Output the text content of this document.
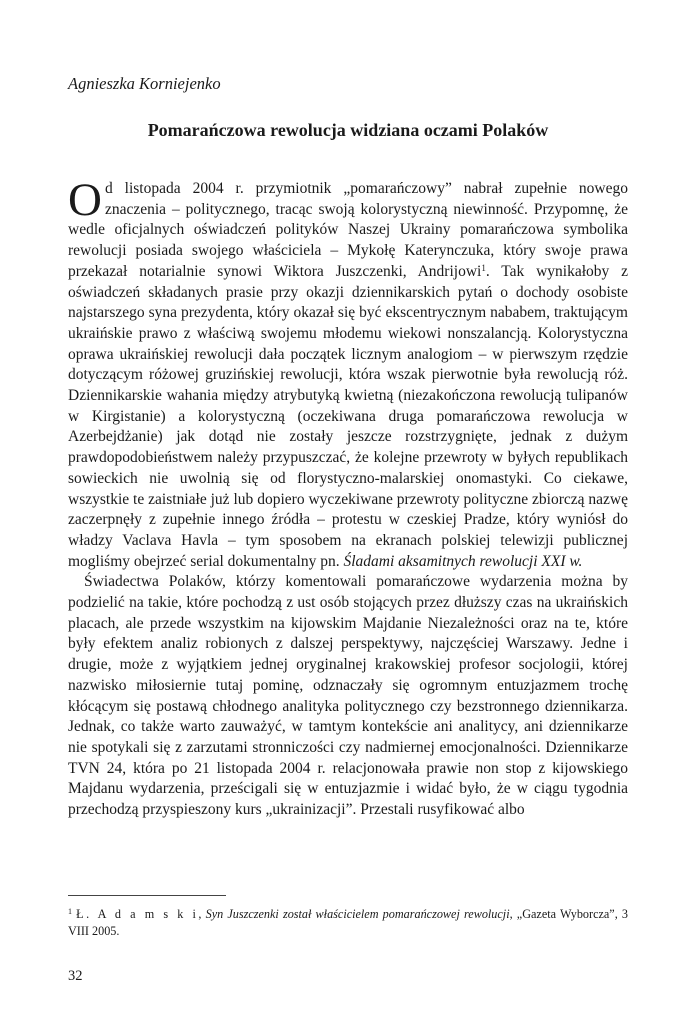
Agnieszka Korniejenko
Pomarańczowa rewolucja widziana oczami Polaków

Od listopada 2004 r. przymiotnik „pomarańczowy” nabrał zupełnie nowego znaczenia – politycznego, tracąc swoją kolorystyczną niewinność. Przypomnę, że wedle oficjalnych oświadczeń polityków Naszej Ukrainy pomarańczowa symbolika rewolucji posiada swojego właściciela – Mykołę Katerynczuka, który swoje prawa przekazał notarialnie synowi Wiktora Juszczenki, Andrijowi$^1$. Tak wynikałoby z oświadczeń składanych prasie przy okazji dziennikarskich pytań o dochody osobiste najstarszego syna prezydenta, który okazał się być ekscentrycznym nababem, traktującym ukraińskie prawo z właściwą swojemu młodemu wiekowi nonszalancją. Kolorystyczna oprawa ukraińskiej rewolucji dała początek licznym analogiom – w pierwszym rzędzie dotyczącym różowej gruzińskiej rewolucji, która wszak pierwotnie była rewolucją róż. Dziennikarskie wahania między atrybutyką kwietną (niezakończona rewolucją tulipanów w Kirgistanie) a kolorystyczną (oczekiwana druga pomarańczowa rewolucja w Azerbejdżanie) jak dotąd nie zostały jeszcze rozstrzygnięte, jednak z dużym prawdopodobieństwem należy przypuszczać, że kolejne przewroty w byłych republikach sowieckich nie uwolnią się od florystyczno-malarskiej onomastyki. Co ciekawe, wszystkie te zaistniałe już lub dopiero wyczekiwane przewroty polityczne zbiorczą nazwę zaczerpnęły z zupełnie innego źródła – protestu w czeskiej Pradze, który wyniósł do władzy Vaclava Havla – tym sposobem na ekranach polskiej telewizji publicznej mogliśmy obejrzeć serial dokumentalny pn. Śladami aksamitnych rewolucji XXI w.

Świadectwa Polaków, którzy komentowali pomarańczowe wydarzenia można by podzielić na takie, które pochodzą z ust osób stojących przez dłuższy czas na ukraińskich placach, ale przede wszystkim na kijowskim Majdanie Niezależności oraz na te, które były efektem analiz robionych z dalszej perspektywy, najczęściej Warszawy. Jedne i drugie, może z wyjątkiem jednej oryginalnej krakowskiej profesor socjologii, której nazwisko miłosiernie tutaj pominę, odznaczały się ogromnym entuzjazmem trochę kłócącym się postawą chłodnego analityka politycznego czy bezstronnego dziennikarza. Jednak, co także warto zauważyć, w tamtym kontekście ani analitycy, ani dziennikarze nie spotykali się z zarzutami stronniczości czy nadmiernej emocjonalności. Dziennikarze TVN 24, która po 21 listopada 2004 r. relacjonowała prawie non stop z kijowskiego Majdanu wydarzenia, prześcigali się w entuzjazmie i widać było, że w ciągu tygodnia przechodzą przyspieszony kurs „ukrainizacji”. Przestali rusyfikować albo

$^1$ Ł. A d a m s k i, Syn Juszczenki został właścicielem pomarańczowej rewolucji, „Gazeta Wyborcza”, 3 VIII 2005.
32
